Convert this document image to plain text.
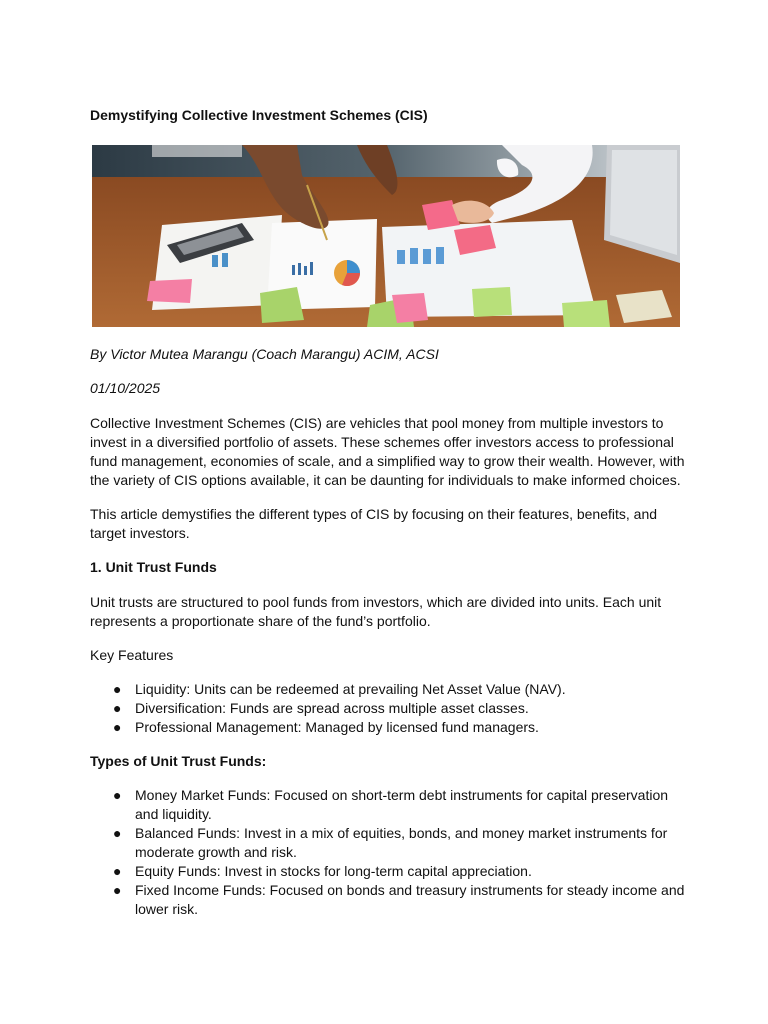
Demystifying Collective Investment Schemes (CIS)

By Victor Mutea Marangu (Coach Marangu) ACIM, ACSI

01/10/2025

Collective Investment Schemes (CIS) are vehicles that pool money from multiple investors to invest in a diversified portfolio of assets. These schemes offer investors access to professional fund management, economies of scale, and a simplified way to grow their wealth. However, with the variety of CIS options available, it can be daunting for individuals to make informed choices.

This article demystifies the different types of CIS by focusing on their features, benefits, and target investors.

1. Unit Trust Funds

Unit trusts are structured to pool funds from investors, which are divided into units. Each unit represents a proportionate share of the fund’s portfolio.

Key Features

● Liquidity: Units can be redeemed at prevailing Net Asset Value (NAV).
● Diversification: Funds are spread across multiple asset classes.
● Professional Management: Managed by licensed fund managers.

Types of Unit Trust Funds:

● Money Market Funds: Focused on short-term debt instruments for capital preservation and liquidity.
● Balanced Funds: Invest in a mix of equities, bonds, and money market instruments for moderate growth and risk.
● Equity Funds: Invest in stocks for long-term capital appreciation.
● Fixed Income Funds: Focused on bonds and treasury instruments for steady income and lower risk.
